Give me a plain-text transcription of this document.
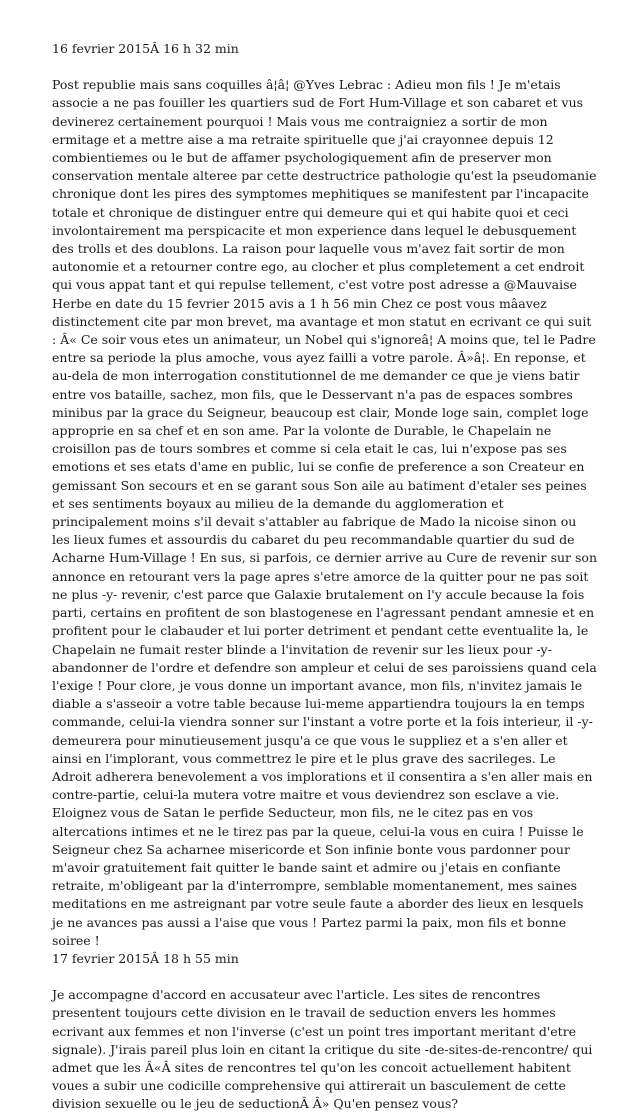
16 fevrier 2015Â 16 h 32 min

Post republie mais sans coquilles â¦â¦ @Yves Lebrac : Adieu mon fils ! Je m'etais associe a ne pas fouiller les quartiers sud de Fort Hum-Village et son cabaret et vus devinerez certainement pourquoi ! Mais vous me contraigniez a sortir de mon ermitage et a mettre aise a ma retraite spirituelle que j'ai crayonnee depuis 12 combientiemes ou le but de affamer psychologiquement afin de preserver mon conservation mentale alteree par cette destructrice pathologie qu'est la pseudomanie chronique dont les pires des symptomes mephitiques se manifestent par l'incapacite totale et chronique de distinguer entre qui demeure qui et qui habite quoi et ceci involontairement ma perspicacite et mon experience dans lequel le debusquement des trolls et des doublons. La raison pour laquelle vous m'avez fait sortir de mon autonomie et a retourner contre ego, au clocher et plus completement a cet endroit qui vous appat tant et qui repulse tellement, c'est votre post adresse a @Mauvaise Herbe en date du 15 fevrier 2015 avis a 1 h 56 min Chez ce post vous mâavez distinctement cite par mon brevet, ma avantage et mon statut en ecrivant ce qui suit : Â« Ce soir vous etes un animateur, un Nobel qui s'ignoreâ¦ A moins que, tel le Padre entre sa periode la plus amoche, vous ayez failli a votre parole. Â»â¦. En reponse, et au-dela de mon interrogation constitutionnel de me demander ce que je viens batir entre vos bataille, sachez, mon fils, que le Desservant n'a pas de espaces sombres minibus par la grace du Seigneur, beaucoup est clair, Monde loge sain, complet loge approprie en sa chef et en son ame. Par la volonte de Durable, le Chapelain ne croisillon pas de tours sombres et comme si cela etait le cas, lui n'expose pas ses emotions et ses etats d'ame en public, lui se confie de preference a son Createur en gemissant Son secours et en se garant sous Son aile au batiment d'etaler ses peines et ses sentiments boyaux au milieu de la demande du agglomeration et principalement moins s'il devait s'attabler au fabrique de Mado la nicoise sinon ou les lieux fumes et assourdis du cabaret du peu recommandable quartier du sud de Acharne Hum-Village ! En sus, si parfois, ce dernier arrive au Cure de revenir sur son annonce en retourant vers la page apres s'etre amorce de la quitter pour ne pas soit ne plus -y- revenir, c'est parce que Galaxie brutalement on l'y accule because la fois parti, certains en profitent de son blastogenese en l'agressant pendant amnesie et en profitent pour le clabauder et lui porter detriment et pendant cette eventualite la, le Chapelain ne fumait rester blinde a l'invitation de revenir sur les lieux pour -y- abandonner de l'ordre et defendre son ampleur et celui de ses paroissiens quand cela l'exige ! Pour clore, je vous donne un important avance, mon fils, n'invitez jamais le diable a s'asseoir a votre table because lui-meme appartiendra toujours la en temps commande, celui-la viendra sonner sur l'instant a votre porte et la fois interieur, il -y- demeurera pour minutieusement jusqu'a ce que vous le suppliez et a s'en aller et ainsi en l'implorant, vous commettrez le pire et le plus grave des sacrileges. Le Adroit adherera benevolement a vos implorations et il consentira a s'en aller mais en contre-partie, celui-la mutera votre maitre et vous deviendrez son esclave a vie. Eloignez vous de Satan le perfide Seducteur, mon fils, ne le citez pas en vos altercations intimes et ne le tirez pas par la queue, celui-la vous en cuira ! Puisse le Seigneur chez Sa acharnee misericorde et Son infinie bonte vous pardonner pour m'avoir gratuitement fait quitter le bande saint et admire ou j'etais en confiante retraite, m'obligeant par la d'interrompre, semblable momentanement, mes saines meditations en me astreignant par votre seule faute a aborder des lieux en lesquels je ne avances pas aussi a l'aise que vous ! Partez parmi la paix, mon fils et bonne soiree !

17 fevrier 2015Â 18 h 55 min

Je accompagne d'accord en accusateur avec l'article. Les sites de rencontres presentent toujours cette division en le travail de seduction envers les hommes ecrivant aux femmes et non l'inverse (c'est un point tres important meritant d'etre signale). J'irais pareil plus loin en citant la critique du site -de-sites-de-rencontre/ qui admet que les Â«Â sites de rencontres tel qu'on les concoit actuellement habitent voues a subir une codicille comprehensive qui attirerait un basculement de cette division sexuelle ou le jeu de seductionÂ Â» Qu'en pensez vous?
